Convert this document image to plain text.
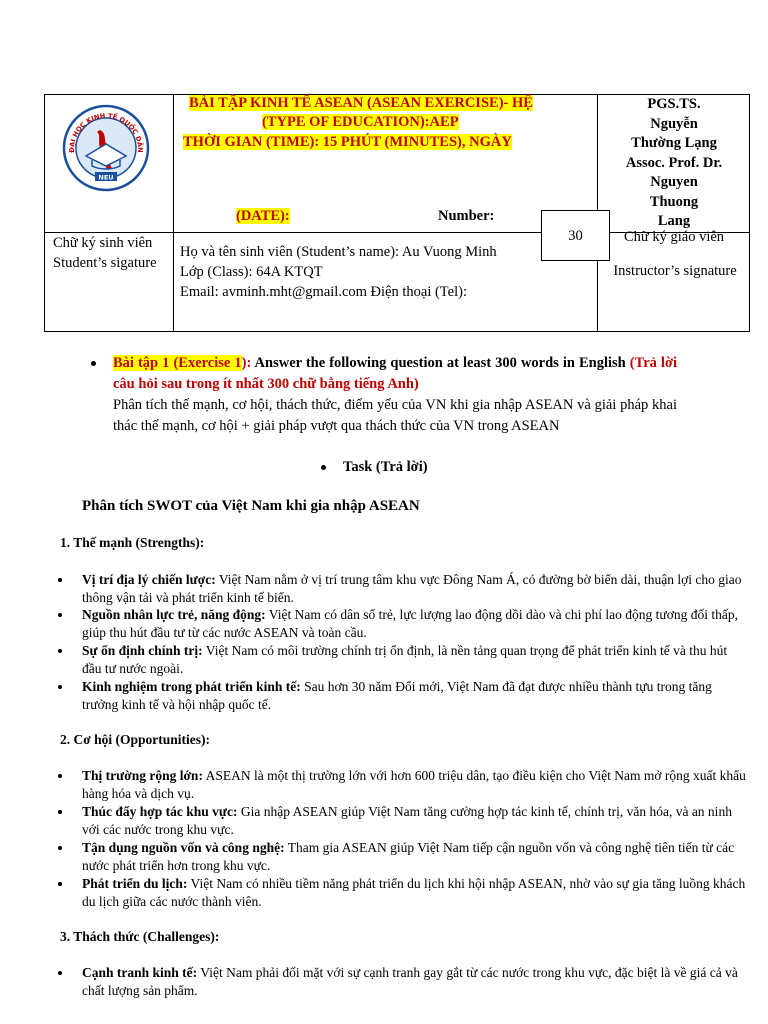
ĐẠI HỌC KINH TẾ QUỐC DÂN
NEU
BÀI TẬP KINH TẾ ASEAN (ASEAN EXERCISE)- HỆ
(TYPE OF EDUCATION):AEP
THỜI GIAN (TIME): 15 PHÚT (MINUTES), NGÀY
(DATE):	Number:
PGS.TS.
Nguyễn
Thường Lạng
Assoc. Prof. Dr.
Nguyen
Thuong
Lang
30
Chữ ký sinh viên Student’s sigature
Họ và tên sinh viên (Student’s name): Au Vuong Minh
Lớp (Class): 64A KTQT
Email: avminh.mht@gmail.com Điện thoại (Tel):
Chữ ký giáo viên
Instructor’s signature
Bài tập 1 (Exercise 1): Answer the following question at least 300 words in English (Trả lời câu hỏi sau trong ít nhất 300 chữ bằng tiếng Anh)
Phân tích thế mạnh, cơ hội, thách thức, điểm yếu của VN khi gia nhập ASEAN và giải pháp khai thác thế mạnh, cơ hội + giải pháp vượt qua thách thức của VN trong ASEAN
Task (Trả lời)
Phân tích SWOT của Việt Nam khi gia nhập ASEAN
1. Thế mạnh (Strengths):
Vị trí địa lý chiến lược: Việt Nam nằm ở vị trí trung tâm khu vực Đông Nam Á, có đường bờ biển dài, thuận lợi cho giao thông vận tải và phát triển kinh tế biển.
Nguồn nhân lực trẻ, năng động: Việt Nam có dân số trẻ, lực lượng lao động dồi dào và chi phí lao động tương đối thấp, giúp thu hút đầu tư từ các nước ASEAN và toàn cầu.
Sự ổn định chính trị: Việt Nam có môi trường chính trị ổn định, là nền tảng quan trọng để phát triển kinh tế và thu hút đầu tư nước ngoài.
Kinh nghiệm trong phát triển kinh tế: Sau hơn 30 năm Đổi mới, Việt Nam đã đạt được nhiều thành tựu trong tăng trưởng kinh tế và hội nhập quốc tế.
2. Cơ hội (Opportunities):
Thị trường rộng lớn: ASEAN là một thị trường lớn với hơn 600 triệu dân, tạo điều kiện cho Việt Nam mở rộng xuất khẩu hàng hóa và dịch vụ.
Thúc đẩy hợp tác khu vực: Gia nhập ASEAN giúp Việt Nam tăng cường hợp tác kinh tế, chính trị, văn hóa, và an ninh với các nước trong khu vực.
Tận dụng nguồn vốn và công nghệ: Tham gia ASEAN giúp Việt Nam tiếp cận nguồn vốn và công nghệ tiên tiến từ các nước phát triển hơn trong khu vực.
Phát triển du lịch: Việt Nam có nhiều tiềm năng phát triển du lịch khi hội nhập ASEAN, nhờ vào sự gia tăng luồng khách du lịch giữa các nước thành viên.
3. Thách thức (Challenges):
Cạnh tranh kinh tế: Việt Nam phải đối mặt với sự cạnh tranh gay gắt từ các nước trong khu vực, đặc biệt là về giá cả và chất lượng sản phẩm.
